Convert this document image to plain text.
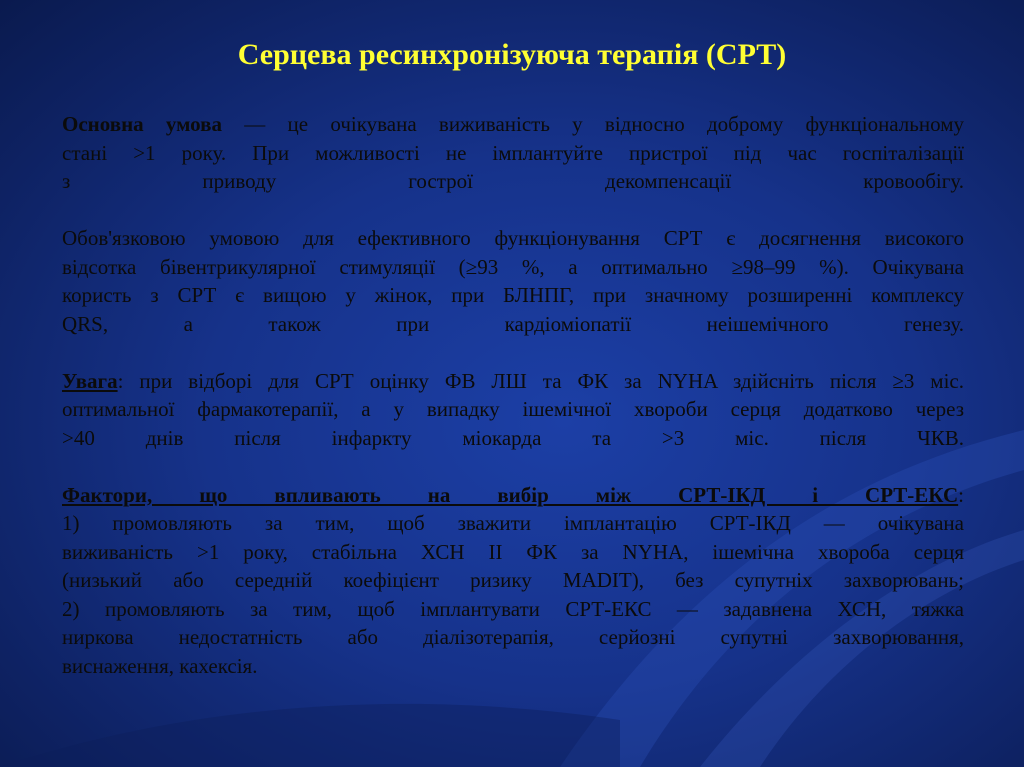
Серцева ресинхронізуюча терапія (СРТ)

Основна умова — це очікувана виживаність у відносно доброму функціональному

стані >1 року. При можливості не імплантуйте пристрої під час госпіталізації

з приводу гострої декомпенсації кровообігу.

Обов'язковою умовою для ефективного функціонування СРТ є досягнення високого

відсотка бівентрикулярної стимуляції (≥93 %, а оптимально ≥98–99 %). Очікувана

користь з СРТ є вищою у жінок, при БЛНПГ, при значному розширенні комплексу

QRS, а також при кардіоміопатії неішемічного генезу.

Увага: при відборі для СРТ оцінку ФВ ЛШ та ФК за NYHA здійсніть після ≥3 міс.

оптимальної фармакотерапії, а у випадку ішемічної хвороби серця додатково через

>40 днів після інфаркту міокарда та >3 міс. після ЧКВ.

Фактори, що впливають на вибір між СРТ-ІКД і СРТ-ЕКС:

1) промовляють за тим, щоб зважити імплантацію СРТ-ІКД — очікувана

виживаність >1 року, стабільна ХСН ІІ ФК за NYHA, ішемічна хвороба серця

(низький або середній коефіцієнт ризику MADIT), без супутніх захворювань;

2) промовляють за тим, щоб імплантувати СРТ-ЕКС — задавнена ХСН, тяжка

ниркова недостатність або діалізотерапія, серйозні супутні захворювання,

виснаження, кахексія.
